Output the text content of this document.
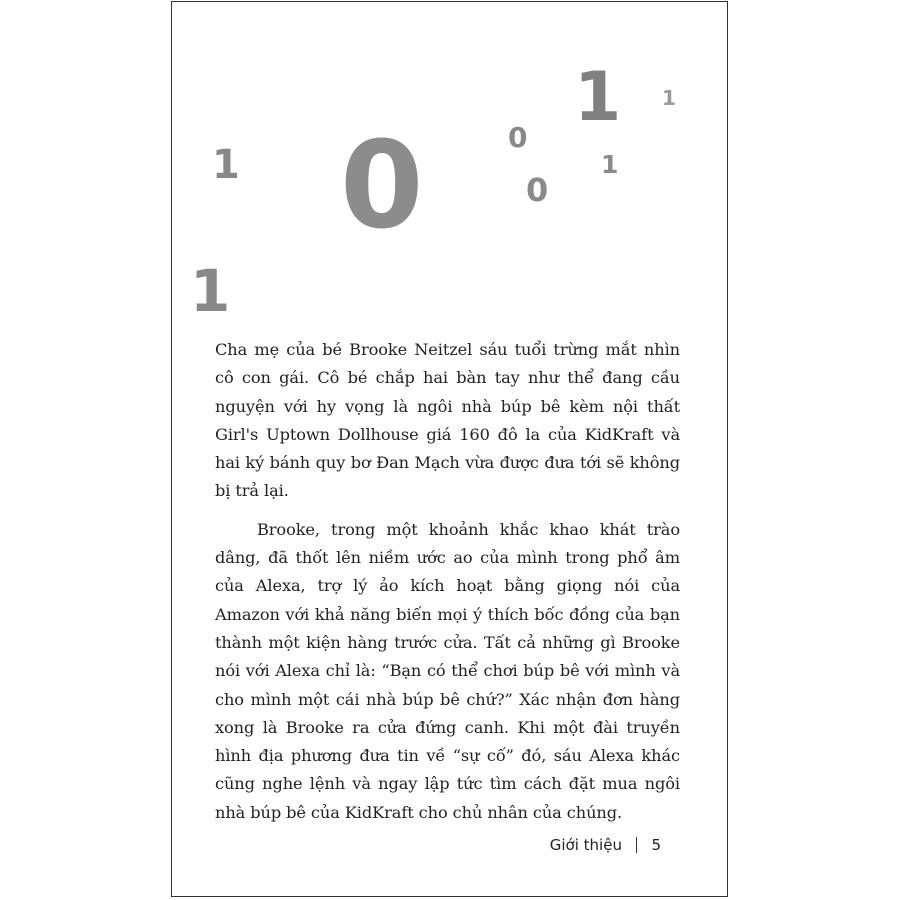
1 1
0
1
0
1 0
1

Cha mẹ của bé Brooke Neitzel sáu tuổi trừng mắt nhìn cô con gái. Cô bé chắp hai bàn tay như thể đang cầu nguyện với hy vọng là ngôi nhà búp bê kèm nội thất Girl's Uptown Dollhouse giá 160 đô la của KidKraft và hai ký bánh quy bơ Đan Mạch vừa được đưa tới sẽ không bị trả lại.

Brooke, trong một khoảnh khắc khao khát trào dâng, đã thốt lên niềm ước ao của mình trong phổ âm của Alexa, trợ lý ảo kích hoạt bằng giọng nói của Amazon với khả năng biến mọi ý thích bốc đồng của bạn thành một kiện hàng trước cửa. Tất cả những gì Brooke nói với Alexa chỉ là: “Bạn có thể chơi búp bê với mình và cho mình một cái nhà búp bê chứ?” Xác nhận đơn hàng xong là Brooke ra cửa đứng canh. Khi một đài truyền hình địa phương đưa tin về “sự cố” đó, sáu Alexa khác cũng nghe lệnh và ngay lập tức tìm cách đặt mua ngôi nhà búp bê của KidKraft cho chủ nhân của chúng.

Giới thiệu 5
